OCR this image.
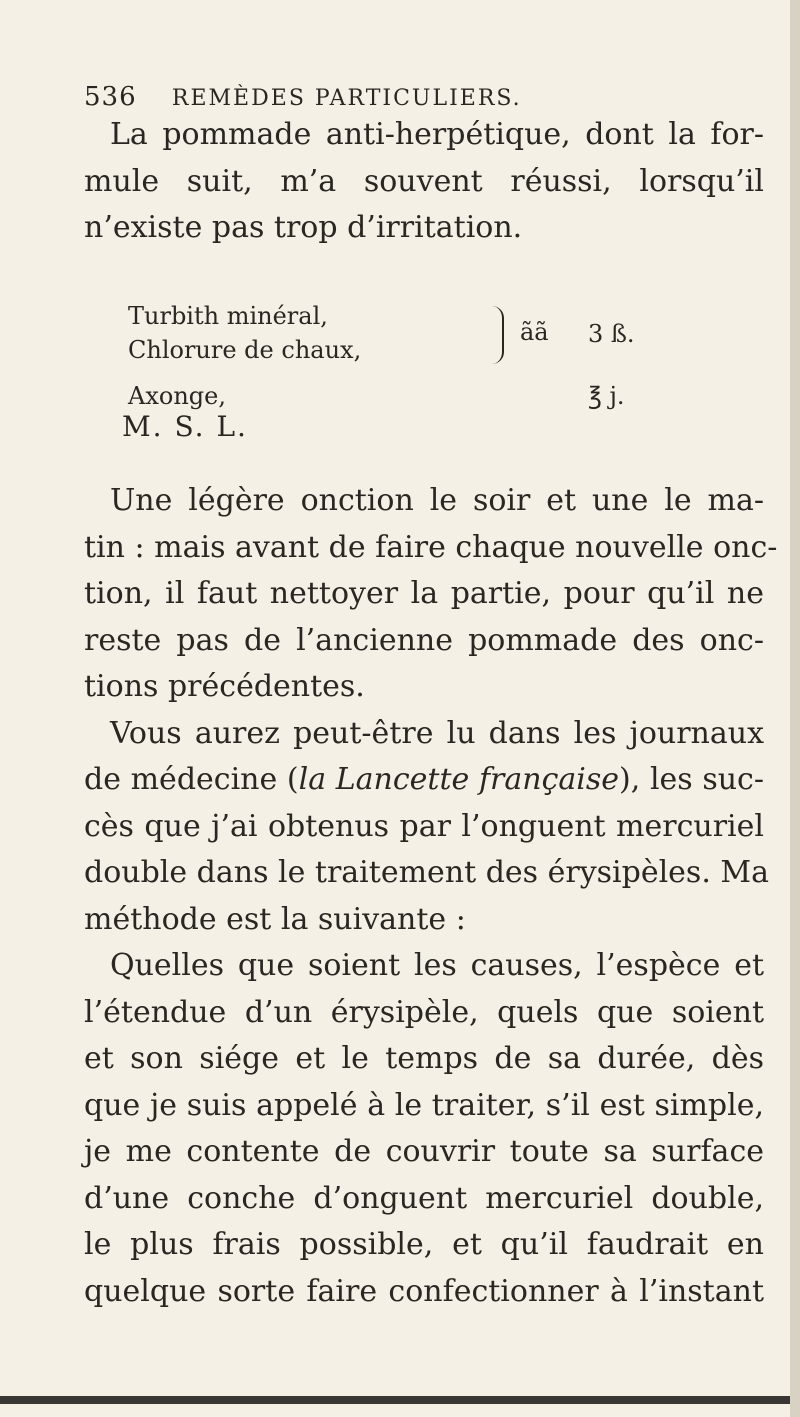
536 REMÈDES PARTICULIERS.
La pommade anti-herpétique, dont la for-
mule suit, m’a souvent réussi, lorsqu’il
n’existe pas trop d’irritation.
Turbith minéral,
Chlorure de chaux,
Axonge,
ãã 3 ß.
℥ j.
M. S. L.
Une légère onction le soir et une le ma-
tin : mais avant de faire chaque nouvelle onc-
tion, il faut nettoyer la partie, pour qu’il ne
reste pas de l’ancienne pommade des onc-
tions précédentes.
Vous aurez peut-être lu dans les journaux
de médecine (la Lancette française), les suc-
cès que j’ai obtenus par l’onguent mercuriel
double dans le traitement des érysipèles. Ma
méthode est la suivante :
Quelles que soient les causes, l’espèce et
l’étendue d’un érysipèle, quels que soient
et son siége et le temps de sa durée, dès
que je suis appelé à le traiter, s’il est simple,
je me contente de couvrir toute sa surface
d’une conche d’onguent mercuriel double,
le plus frais possible, et qu’il faudrait en
quelque sorte faire confectionner à l’instant
